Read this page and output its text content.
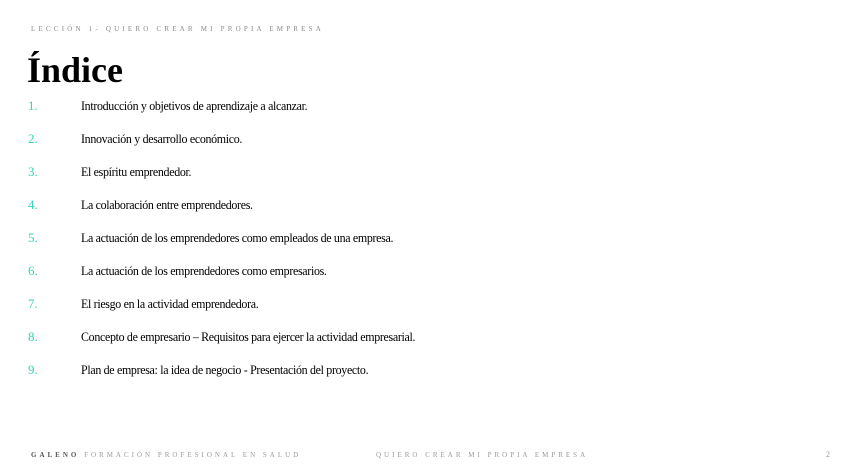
LECCIÓN 1- QUIERO CREAR MI PROPIA EMPRESA
Índice
1.	Introducción y objetivos de aprendizaje a alcanzar.
2.	Innovación y desarrollo económico.
3.	El espíritu emprendedor.
4.	La colaboración entre emprendedores.
5.	La actuación de los emprendedores como empleados de una empresa.
6.	La actuación de los emprendedores como empresarios.
7.	El riesgo en la actividad emprendedora.
8.	Concepto de empresario – Requisitos para ejercer la actividad empresarial.
9.	Plan de empresa: la idea de negocio - Presentación del proyecto.
GALENO FORMACIÓN PROFESIONAL EN SALUD	QUIERO CREAR MI PROPIA EMPRESA	2
